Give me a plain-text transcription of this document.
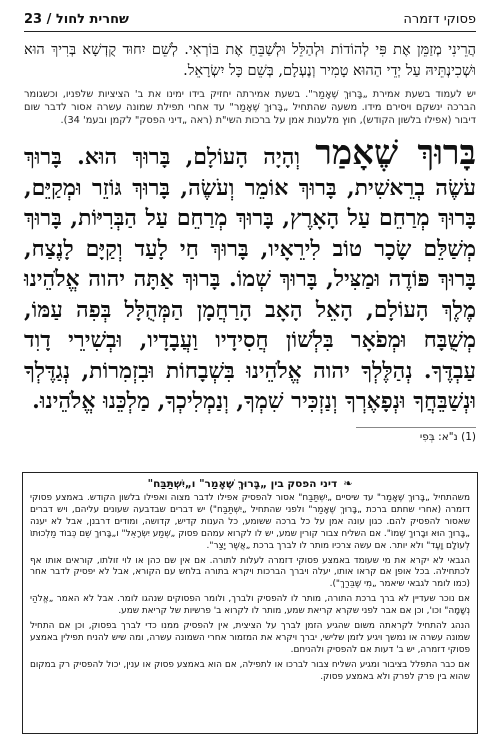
פסוקי דזמרה
שחרית לחול / 23
הֲרֵינִי מְזַמֵּן אֶת פִּי לְהוֹדוֹת וּלְהַלֵּל וּלְשַׁבֵּחַ אֶת בּוֹרְאִי. לְשֵׁם יִחוּד קֻדְשָׁא בְּרִיךְ הוּא וּשְׁכִינְתֵּיהּ עַל יְדֵי הַהוּא טָמִיר וְנֶעְלָם, בְּשֵׁם כָּל יִשְׂרָאֵל.
יש לעמוד בשעת אמירת „בָּרוּךְ שֶׁאָמַר". בשעת אמירתה יחזיק בידו ימינו את ב' הציציות שלפניו, וכשגומר הברכה ינשקם ויסירם מידו. משעה שהתחיל „בָּרוּךְ שֶׁאָמַר" עד אחרי תפילת שמונה עשרה אסור לדבר שום דיבור (אפילו בלשון הקודש), חוץ מלענות אמן על ברכות השי"ת (ראה „דיני הפסק" לקמן ובעמ' 34).
בָּרוּךְ שֶׁאָמַר וְהָיָה הָעוֹלָם, בָּרוּךְ הוּא. בָּרוּךְ עֹשֶׂה בְרֵאשִׁית, בָּרוּךְ אוֹמֵר וְעֹשֶׂה, בָּרוּךְ גּוֹזֵר וּמְקַיֵּם, בָּרוּךְ מְרַחֵם עַל הָאָרֶץ, בָּרוּךְ מְרַחֵם עַל הַבְּרִיּוֹת, בָּרוּךְ מְשַׁלֵּם שָׂכָר טוֹב לִירֵאָיו, בָּרוּךְ חַי לָעַד וְקַיָּם לָנֶצַח, בָּרוּךְ פּוֹדֶה וּמַצִּיל, בָּרוּךְ שְׁמוֹ. בָּרוּךְ אַתָּה יהוה אֱלֹהֵינוּ מֶלֶךְ הָעוֹלָם, הָאֵל הָאָב הָרַחֲמָן הַמְּהֻלָּל בְּפִה עַמּוֹ, מְשֻׁבָּח וּמְפֹאָר בִּלְשׁוֹן חֲסִידָיו וַעֲבָדָיו, וּבְשִׁירֵי דָוִד עַבְדֶּךָ. נְהַלֶּלְךָ יהוה אֱלֹהֵינוּ בִּשְׁבָחוֹת וּבִזְמִרוֹת, נְגַדֶּלְךָ וּנְשַׁבֵּחֲךָ וּנְפָאֶרְךָ וְנַזְכִּיר שִׁמְךָ, וְנַמְלִיכְךָ, מַלְכֵּנוּ אֱלֹהֵינוּ.
(1) נ"א: בְּפִי
❧
דיני הפסק בין „בָּרוּךְ שֶׁאָמַר" ו„יִשְׁתַּבַּח"

משהתחיל „בָּרוּךְ שֶׁאָמַר" עד שיסיים „יִשְׁתַּבַּח" אסור להפסיק אפילו לדבר מצוה ואפילו בלשון הקודש. באמצע פסוקי דזמרה (אחרי שחתם ברכת „בָּרוּךְ שֶׁאָמַר" ולפני שהתחיל „יִשְׁתַּבַּח") יש דברים שבדבעה שעונים עליהם, ויש דברים שאסור להפסיק להם. כגון עונה אמן על כל ברכה ששומע, כל הענות קדיש, קדושה, ומודים דרבנן, אבל לא יענה „בָּרוּךְ הוּא וּבָרוּךְ שְׁמוֹ". אם השליח צבור קורין שמע, יש לו לקרוא עמהם פסוק „שְׁמַע יִשְׂרָאֵל" ו„בָּרוּךְ שֵׁם כְּבוֹד מַלְכוּתוֹ לְעוֹלָם וָעֶד" ולא יותר. אם עשה צרכיו מותר לו לברך ברכת „אֲשֶׁר יָצַר".

הגבאי לא יקרא את מי שעומד באמצע פסוקי דזמרה לעלות לתורה. אם אין שם כהן או לוי זולתו, קוראים אותו אף לכתחילה. בכל אופן אם קראו אותו, יעלה ויברך הברכות ויקרא בתורה בלחש עם הקורא, אבל לא יפסיק לדבר אחר (כמו לומר לגבאי שיאמר „מִי שֶׁבֵּרַךְ").

אם נוכר שעדיין לא ברך ברכת התורה, מותר לו להפסיק ולברך, ולומר הפסוקים שנהגו לומר. אבל לא האמר „אֱלֹהַי נְשָׁמָה" וכו', וכן אם אבר לפני שקרא קריאת שמע, מותר לו לקרוא ב' פרשיות של קריאת שמע.

הנהג להתחיל לקראתה משום שהגיע הזמן לברך על הציצית, אין להפסיק ממנו כדי לברך בפסוק, וכן אם התחיל שמונה עשרה או נמשך ויגיע לזמן שלישי, יברך ויקרא את המזמור אחרי השמונה עשרה, ומה שיש להניח תפילין באמצע פסוקי דזמרה, יש ב' דעות אם להפסיק ולהניחם.

אם כבר התפלל בציבור ומגיע השליח צבור לברכו או לתפילה, אם הוא באמצע פסוק או ענין, יכול להפסיק רק במקום שהוא בין פרק לפרק ולא באמצע פסוק.
